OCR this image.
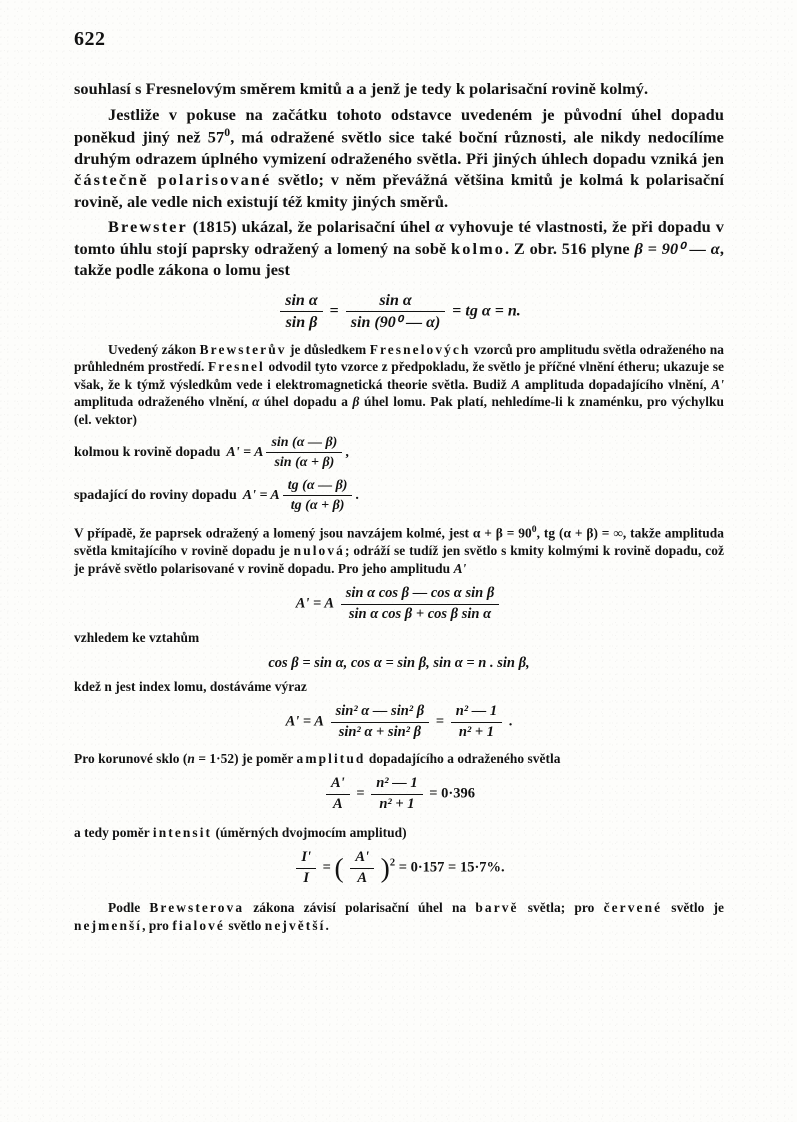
622

souhlasí s Fresnelovým směrem kmitů a a jenž je tedy k polarisační rovině kolmý.

Jestliže v pokuse na začátku tohoto odstavce uvedeném je původní úhel dopadu poněkud jiný než $57^0$, má odražené světlo sice také boční různosti, ale nikdy nedocílíme druhým odrazem úplného vymizení odraženého světla. Při jiných úhlech dopadu vzniká jen částečně polarisované světlo; v něm převážná většina kmitů je kolmá k polarisační rovině, ale vedle nich existují též kmity jiných směrů.

Brewster (1815) ukázal, že polarisační úhel α vyhovuje té vlastnosti, že při dopadu v tomto úhlu stojí paprsky odražený a lomený na sobě kolmo. Z obr. 516 plyne β = 90⁰ — α, takže podle zákona o lomu jest

$\frac{\text{sin α}}{\text{sin β}} = \frac{\text{sin α}}{\text{sin (90⁰ — α)}}$ = tg α = n.

Uvedený zákon Brewsterův je důsledkem Fresnelových vzorců pro amplitudu světla odraženého na průhledném prostředí. Fresnel odvodil tyto vzorce z předpokladu, že světlo je příčné vlnění étheru; ukazuje se však, že k týmž výsledkům vede i elektromagnetická theorie světla. Budiž A amplituda dopadajícího vlnění, A' amplituda odraženého vlnění, α úhel dopadu a β úhel lomu. Pak platí, nehledíme-li k znaménku, pro výchylku (el. vektor)

kolmou k rovině dopadu A' = A $\frac{\sin (\alpha — \beta)}{\sin (\alpha + \beta)}$ ,
spadající do roviny dopadu A' = A $\frac{tg (\alpha — \beta)}{tg (\alpha + \beta)}$ .

V případě, že paprsek odražený a lomený jsou navzájem kolmé, jest $\alpha + \beta = 90^0$, tg (α + β) = ∞, takže amplituda světla kmitajícího v rovině dopadu je nulová; odráží se tudíž jen světlo s kmity kolmými k rovině dopadu, což je právě světlo polarisované v rovině dopadu. Pro jeho amplitudu A'

A' = A $\frac{\text{sin α cos β — cos α sin β}}{\text{sin α cos β + cos β sin α}}$

vzhledem ke vztahům

cos β = sin α, cos α = sin β, sin α = n . sin β,

kdež n jest index lomu, dostáváme výraz

A' = A $\frac{\text{sin² α — sin² β}}{\text{sin² α + sin² β}} = \frac{\text{n² — 1}}{\text{n² + 1}}$ .

Pro korunové sklo (n = 1·52) je poměr amplitud dopadajícího a odraženého světla

$\frac{A'}{A} = \frac{\text{n² — 1}}{\text{n² + 1}} = 0\cdot 396$

a tedy poměr intensit (úměrných dvojmocím amplitud)

$\frac{I'}{I}$ = ( $\frac{A'}{A} )^2 = 0\cdot 157 = 15\cdot 7\%$.

Podle Brewsterova zákona závisí polarisační úhel na barvě světla; pro červené světlo je nejmenší, pro fialové světlo největší.
